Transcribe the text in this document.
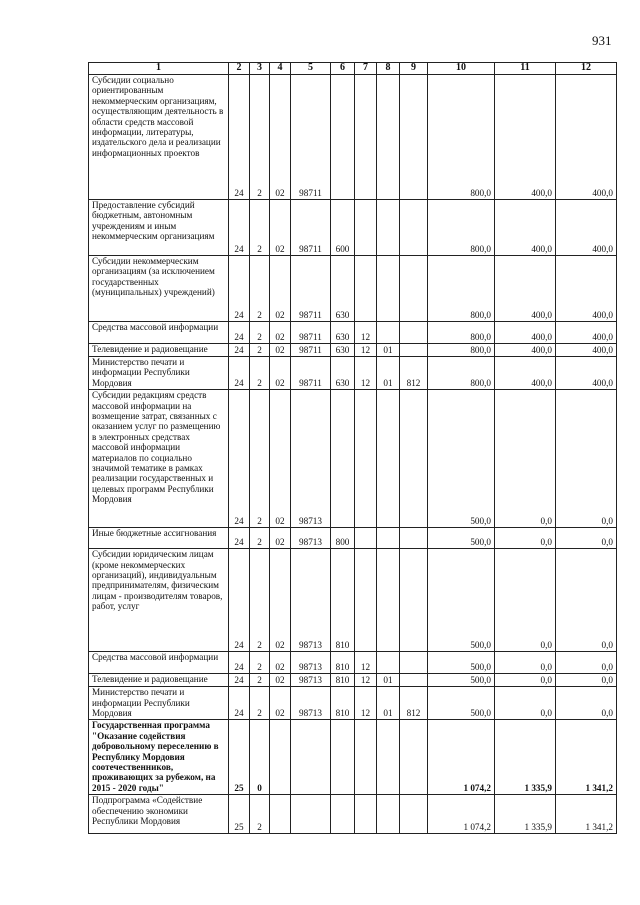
931
1	2	3	4	5	6	7	8	9	10	11	12
Субсидии социально ориентированным некоммерческим организациям, осуществляющим деятельность в области средств массовой информации, литературы, издательского дела и реализации информационных проектов	24	2	02	98711					800,0	400,0	400,0
Предоставление субсидий бюджетным, автономным учреждениям и иным некоммерческим организациям	24	2	02	98711	600				800,0	400,0	400,0
Субсидии некоммерческим организациям (за исключением государственных (муниципальных) учреждений)	24	2	02	98711	630				800,0	400,0	400,0
Средства массовой информации	24	2	02	98711	630	12			800,0	400,0	400,0
Телевидение и радиовещание	24	2	02	98711	630	12	01		800,0	400,0	400,0
Министерство печати и информации Республики Мордовия	24	2	02	98711	630	12	01	812	800,0	400,0	400,0
Субсидии редакциям средств массовой информации на возмещение затрат, связанных с оказанием услуг по размещению в электронных средствах массовой информации материалов по социально значимой тематике в рамках реализации государственных и целевых программ Республики Мордовия	24	2	02	98713					500,0	0,0	0,0
Иные бюджетные ассигнования	24	2	02	98713	800				500,0	0,0	0,0
Субсидии юридическим лицам (кроме некоммерческих организаций), индивидуальным предпринимателям, физическим лицам - производителям товаров, работ, услуг	24	2	02	98713	810				500,0	0,0	0,0
Средства массовой информации	24	2	02	98713	810	12			500,0	0,0	0,0
Телевидение и радиовещание	24	2	02	98713	810	12	01		500,0	0,0	0,0
Министерство печати и информации Республики Мордовия	24	2	02	98713	810	12	01	812	500,0	0,0	0,0
Государственная программа "Оказание содействия добровольному переселению в Республику Мордовия соотечественников, проживающих за рубежом, на 2015 - 2020 годы"	25	0							1 074,2	1 335,9	1 341,2
Подпрограмма «Содействие обеспечению экономики Республики Мордовия	25	2							1 074,2	1 335,9	1 341,2
